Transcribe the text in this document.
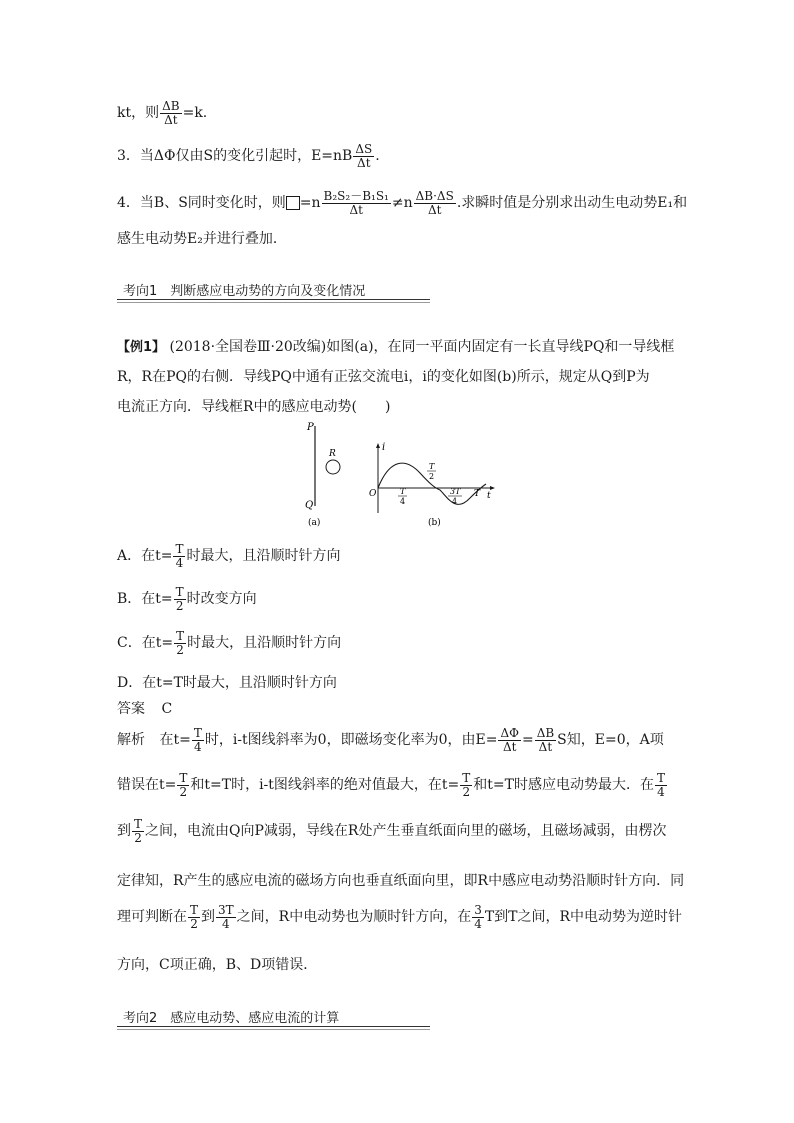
kt，则 $\frac{\Delta B}{\Delta t} =k$.
3．当ΔΦ仅由S的变化引起时，$E=nB \frac{\Delta S}{\Delta t}$ .
4．当B、S同时变化时，则 $=n \frac{\text{B₂S₂－B₁S₁}}{\Delta t} \ne n \frac{\Delta B\cdot\Delta S}{\Delta t}$ .求瞬时值是分别求出动生电动势E₁和
感生电动势E₂并进行叠加．
考向1　判断感应电动势的方向及变化情况
【例1】 (2018·全国卷Ⅲ·20改编)如图(a)，在同一平面内固定有一长直导线PQ和一导线框
R，R在PQ的右侧．导线PQ中通有正弦交流电i，i的变化如图(b)所示，规定从Q到P为
电流正方向．导线框R中的感应电动势(　　)
P
Q
R
(a)
i
O	t
T
4
T
2
3T
4
T
(b)
A．在$t= \frac{T}{4}$ 时最大，且沿顺时针方向
B．在$t= \frac{T}{2}$ 时改变方向
C．在$t= \frac{T}{2}$ 时最大，且沿顺时针方向
D．在t=T时最大，且沿顺时针方向
答案 C
解析 在$t= \frac{T}{4}$ 时，i-t图线斜率为0，即磁场变化率为0，由$E= \frac{\Delta\Phi}{\Delta t} = \frac{\Delta B}{\Delta t}$ S知，E=0，A项
错误在$t= \frac{T}{2}$ 和t=T时，i-t图线斜率的绝对值最大，在$t= \frac{T}{2}$ 和t=T时感应电动势最大．在 $\frac{T}{4}$
到 $\frac{T}{2}$ 之间，电流由Q向P减弱，导线在R处产生垂直纸面向里的磁场，且磁场减弱，由楞次
定律知，R产生的感应电流的磁场方向也垂直纸面向里，即R中感应电动势沿顺时针方向．同
理可判断在 $\frac{T}{2}$ 到 $\frac{3T}{4}$ 之间，R中电动势也为顺时针方向，在 $\frac{3}{4}$ T到T之间，R中电动势为逆时针
方向，C项正确，B、D项错误．
考向2　感应电动势、感应电流的计算
